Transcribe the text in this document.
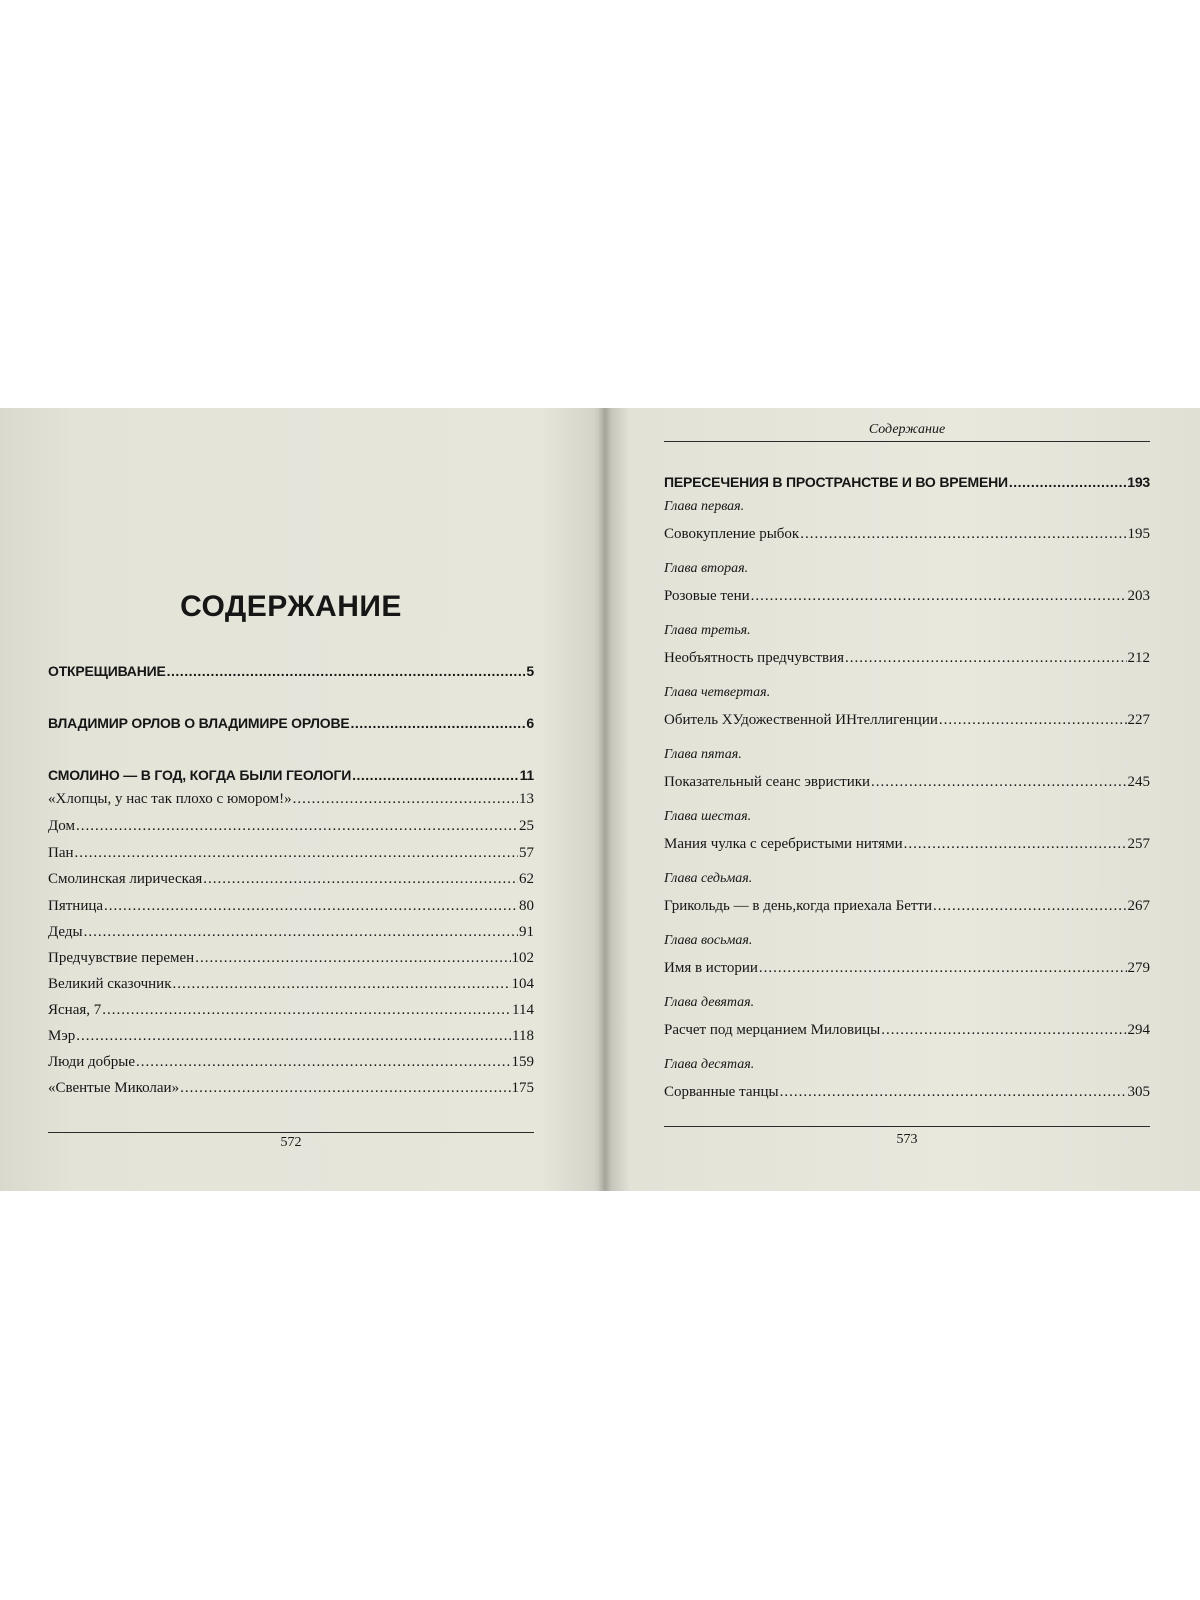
СОДЕРЖАНИЕ
ОТКРЕЩИВАНИЕ .....	5
ВЛАДИМИР ОРЛОВ О ВЛАДИМИРЕ ОРЛОВЕ .....	6
СМОЛИНО — В ГОД, КОГДА БЫЛИ ГЕОЛОГИ .....	11
«Хлопцы, у нас так плохо с юмором!» .....	13
Дом .....	25
Пан .....	57
Смолинская лирическая .....	62
Пятница .....	80
Деды .....	91
Предчувствие перемен .....	102
Великий сказочник .....	104
Ясная, 7 .....	114
Мэр .....	118
Люди добрые .....	159
«Свентые Миколаи» .....	175
572
Содержание
ПЕРЕСЕЧЕНИЯ В ПРОСТРАНСТВЕ И ВО ВРЕМЕНИ .....	193
Глава первая.
Совокупление рыбок .....	195
Глава вторая.
Розовые тени .....	203
Глава третья.
Необъятность предчувствия .....	212
Глава четвертая.
Обитель ХУдожественной ИНтеллигенции .....	227
Глава пятая.
Показательный сеанс эвристики .....	245
Глава шестая.
Мания чулка с серебристыми нитями .....	257
Глава седьмая.
Грикольдь — в день,когда приехала Бетти .....	267
Глава восьмая.
Имя в истории .....	279
Глава девятая.
Расчет под мерцанием Миловицы .....	294
Глава десятая.
Сорванные танцы .....	305
573
